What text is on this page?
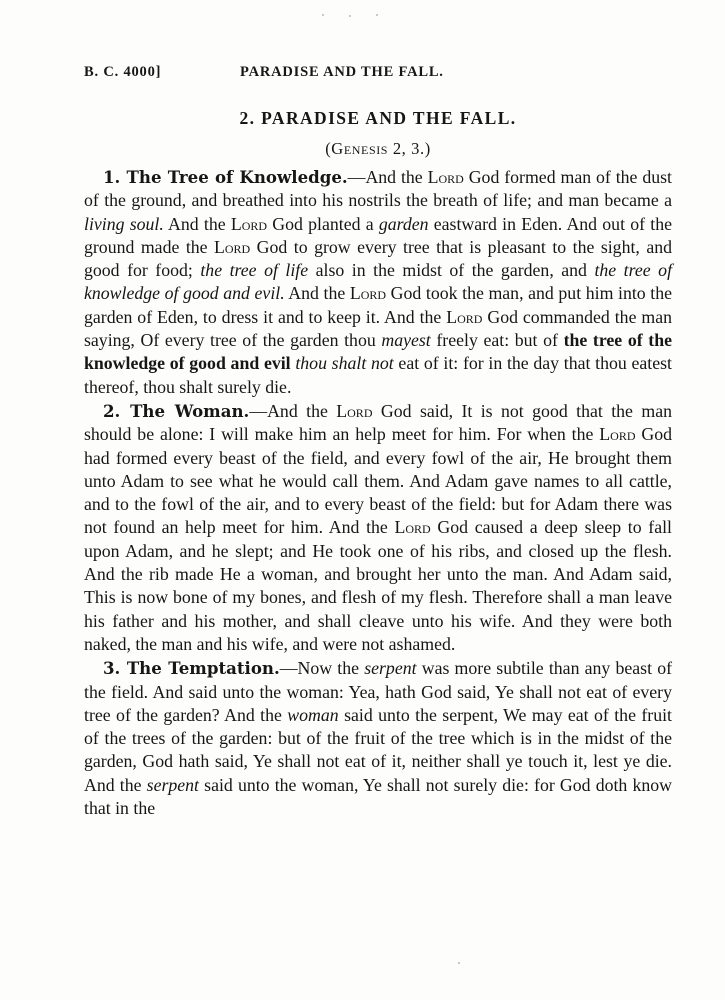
B. C. 4000]	PARADISE AND THE FALL.
2. PARADISE AND THE FALL.
(Genesis 2, 3.)

1. The Tree of Knowledge.—And the Lord God formed man of the dust of the ground, and breathed into his nostrils the breath of life; and man became a living soul. And the Lord God planted a garden eastward in Eden. And out of the ground made the Lord God to grow every tree that is pleasant to the sight, and good for food; the tree of life also in the midst of the garden, and the tree of knowledge of good and evil. And the Lord God took the man, and put him into the garden of Eden, to dress it and to keep it. And the Lord God commanded the man saying, Of every tree of the garden thou mayest freely eat: but of the tree of the knowledge of good and evil thou shalt not eat of it: for in the day that thou eatest thereof, thou shalt surely die.

2. The Woman.—And the Lord God said, It is not good that the man should be alone: I will make him an help meet for him. For when the Lord God had formed every beast of the field, and every fowl of the air, He brought them unto Adam to see what he would call them. And Adam gave names to all cattle, and to the fowl of the air, and to every beast of the field: but for Adam there was not found an help meet for him. And the Lord God caused a deep sleep to fall upon Adam, and he slept; and He took one of his ribs, and closed up the flesh. And the rib made He a woman, and brought her unto the man. And Adam said, This is now bone of my bones, and flesh of my flesh. Therefore shall a man leave his father and his mother, and shall cleave unto his wife. And they were both naked, the man and his wife, and were not ashamed.

3. The Temptation.—Now the serpent was more subtile than any beast of the field. And said unto the woman: Yea, hath God said, Ye shall not eat of every tree of the garden? And the woman said unto the serpent, We may eat of the fruit of the trees of the garden: but of the fruit of the tree which is in the midst of the garden, God hath said, Ye shall not eat of it, neither shall ye touch it, lest ye die. And the serpent said unto the woman, Ye shall not surely die: for God doth know that in the
